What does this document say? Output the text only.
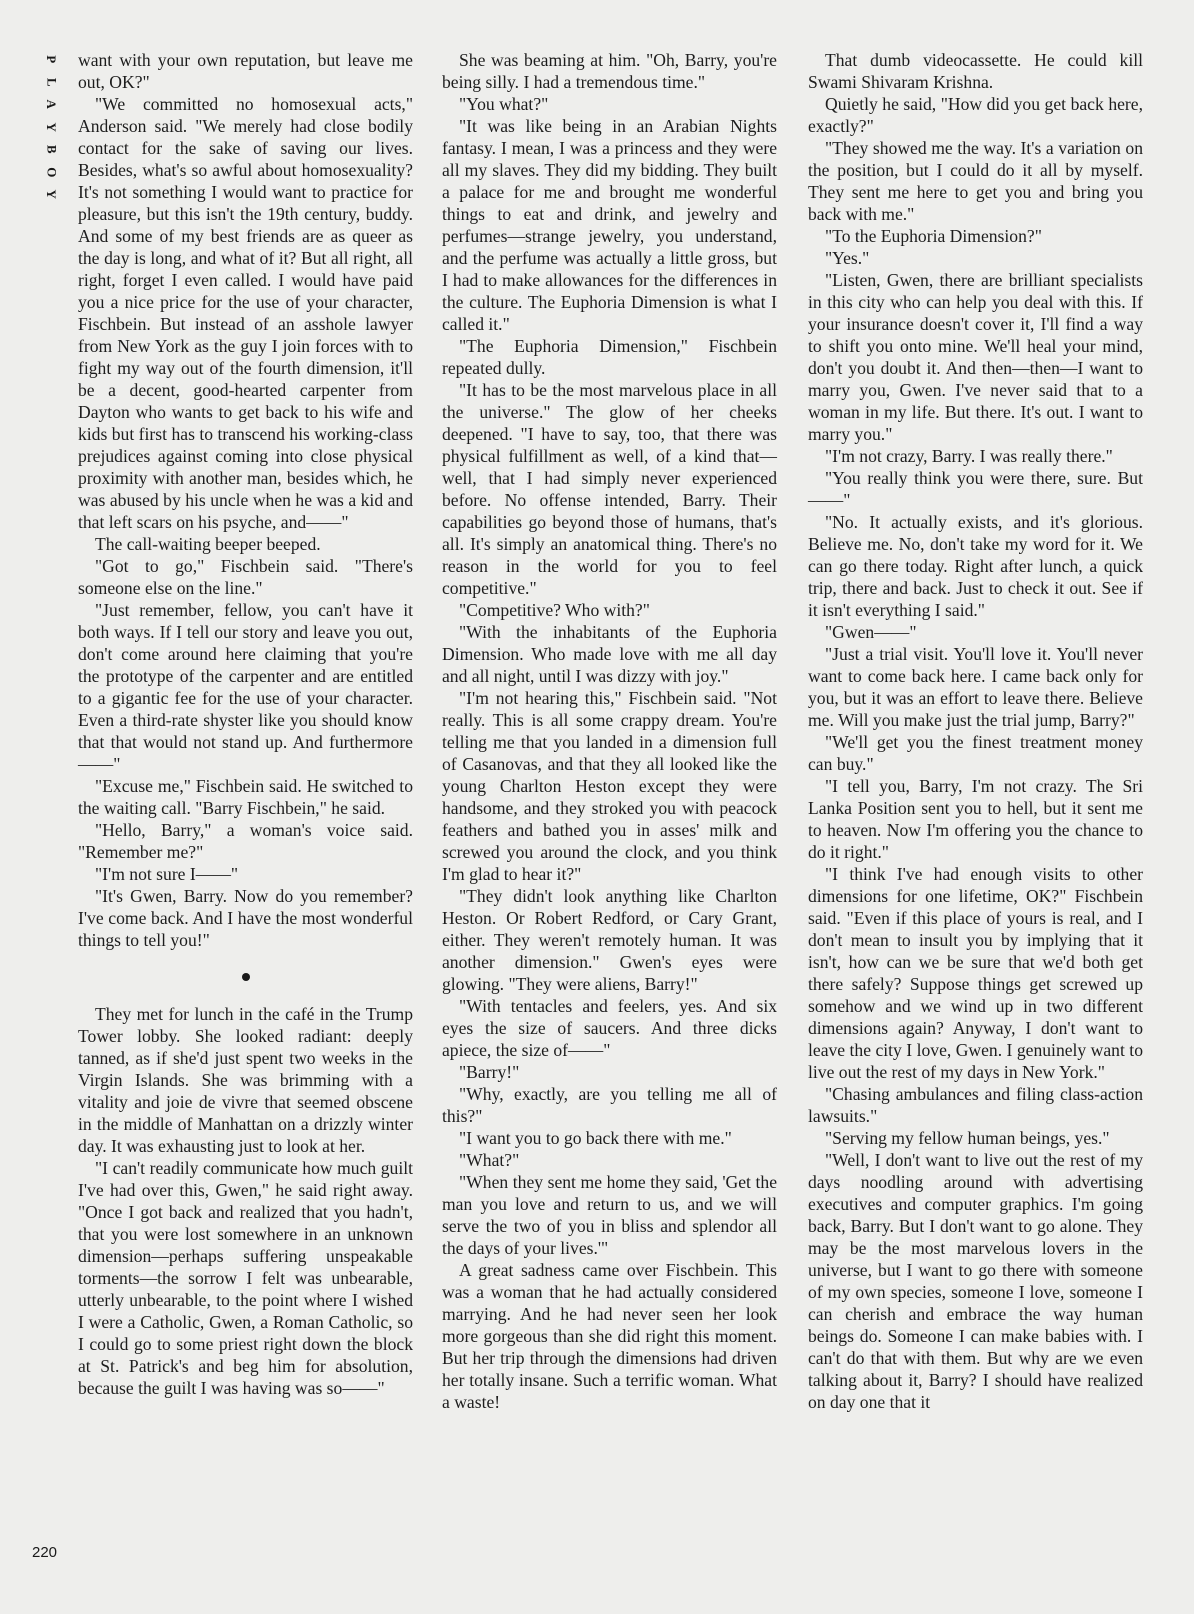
P
L
A
Y
B
O
Y
220

want with your own reputation, but leave me out, OK?"

"We committed no homosexual acts," Anderson said. "We merely had close bodily contact for the sake of saving our lives. Besides, what's so awful about homosexuality? It's not something I would want to practice for pleasure, but this isn't the 19th century, buddy. And some of my best friends are as queer as the day is long, and what of it? But all right, all right, forget I even called. I would have paid you a nice price for the use of your character, Fischbein. But instead of an asshole lawyer from New York as the guy I join forces with to fight my way out of the fourth dimension, it'll be a decent, good-hearted carpenter from Dayton who wants to get back to his wife and kids but first has to transcend his working-class prejudices against coming into close physical proximity with another man, besides which, he was abused by his uncle when he was a kid and that left scars on his psyche, and——"

The call-waiting beeper beeped.

"Got to go," Fischbein said. "There's someone else on the line."

"Just remember, fellow, you can't have it both ways. If I tell our story and leave you out, don't come around here claiming that you're the prototype of the carpenter and are entitled to a gigantic fee for the use of your character. Even a third-rate shyster like you should know that that would not stand up. And furthermore——"

"Excuse me," Fischbein said. He switched to the waiting call. "Barry Fischbein," he said.

"Hello, Barry," a woman's voice said. "Remember me?"

"I'm not sure I——"

"It's Gwen, Barry. Now do you remember? I've come back. And I have the most wonderful things to tell you!"

They met for lunch in the café in the Trump Tower lobby. She looked radiant: deeply tanned, as if she'd just spent two weeks in the Virgin Islands. She was brimming with a vitality and joie de vivre that seemed obscene in the middle of Manhattan on a drizzly winter day. It was exhausting just to look at her.

"I can't readily communicate how much guilt I've had over this, Gwen," he said right away. "Once I got back and realized that you hadn't, that you were lost somewhere in an unknown dimension—perhaps suffering unspeakable torments—the sorrow I felt was unbearable, utterly unbearable, to the point where I wished I were a Catholic, Gwen, a Roman Catholic, so I could go to some priest right down the block at St. Patrick's and beg him for absolution, because the guilt I was having was so——"

She was beaming at him. "Oh, Barry, you're being silly. I had a tremendous time."

"You what?"

"It was like being in an Arabian Nights fantasy. I mean, I was a princess and they were all my slaves. They did my bidding. They built a palace for me and brought me wonderful things to eat and drink, and jewelry and perfumes—strange jewelry, you understand, and the perfume was actually a little gross, but I had to make allowances for the differences in the culture. The Euphoria Dimension is what I called it."

"The Euphoria Dimension," Fischbein repeated dully.

"It has to be the most marvelous place in all the universe." The glow of her cheeks deepened. "I have to say, too, that there was physical fulfillment as well, of a kind that—well, that I had simply never experienced before. No offense intended, Barry. Their capabilities go beyond those of humans, that's all. It's simply an anatomical thing. There's no reason in the world for you to feel competitive."

"Competitive? Who with?"

"With the inhabitants of the Euphoria Dimension. Who made love with me all day and all night, until I was dizzy with joy."

"I'm not hearing this," Fischbein said. "Not really. This is all some crappy dream. You're telling me that you landed in a dimension full of Casanovas, and that they all looked like the young Charlton Heston except they were handsome, and they stroked you with peacock feathers and bathed you in asses' milk and screwed you around the clock, and you think I'm glad to hear it?"

"They didn't look anything like Charlton Heston. Or Robert Redford, or Cary Grant, either. They weren't remotely human. It was another dimension." Gwen's eyes were glowing. "They were aliens, Barry!"

"With tentacles and feelers, yes. And six eyes the size of saucers. And three dicks apiece, the size of——"

"Barry!"

"Why, exactly, are you telling me all of this?"

"I want you to go back there with me."

"What?"

"When they sent me home they said, 'Get the man you love and return to us, and we will serve the two of you in bliss and splendor all the days of your lives.'"

A great sadness came over Fischbein. This was a woman that he had actually considered marrying. And he had never seen her look more gorgeous than she did right this moment. But her trip through the dimensions had driven her totally insane. Such a terrific woman. What a waste!

That dumb videocassette. He could kill Swami Shivaram Krishna.

Quietly he said, "How did you get back here, exactly?"

"They showed me the way. It's a variation on the position, but I could do it all by myself. They sent me here to get you and bring you back with me."

"To the Euphoria Dimension?"

"Yes."

"Listen, Gwen, there are brilliant specialists in this city who can help you deal with this. If your insurance doesn't cover it, I'll find a way to shift you onto mine. We'll heal your mind, don't you doubt it. And then—then—I want to marry you, Gwen. I've never said that to a woman in my life. But there. It's out. I want to marry you."

"I'm not crazy, Barry. I was really there."

"You really think you were there, sure. But——"

"No. It actually exists, and it's glorious. Believe me. No, don't take my word for it. We can go there today. Right after lunch, a quick trip, there and back. Just to check it out. See if it isn't everything I said."

"Gwen——"

"Just a trial visit. You'll love it. You'll never want to come back here. I came back only for you, but it was an effort to leave there. Believe me. Will you make just the trial jump, Barry?"

"We'll get you the finest treatment money can buy."

"I tell you, Barry, I'm not crazy. The Sri Lanka Position sent you to hell, but it sent me to heaven. Now I'm offering you the chance to do it right."

"I think I've had enough visits to other dimensions for one lifetime, OK?" Fischbein said. "Even if this place of yours is real, and I don't mean to insult you by implying that it isn't, how can we be sure that we'd both get there safely? Suppose things get screwed up somehow and we wind up in two different dimensions again? Anyway, I don't want to leave the city I love, Gwen. I genuinely want to live out the rest of my days in New York."

"Chasing ambulances and filing class-action lawsuits."

"Serving my fellow human beings, yes."

"Well, I don't want to live out the rest of my days noodling around with advertising executives and computer graphics. I'm going back, Barry. But I don't want to go alone. They may be the most marvelous lovers in the universe, but I want to go there with someone of my own species, someone I love, someone I can cherish and embrace the way human beings do. Someone I can make babies with. I can't do that with them. But why are we even talking about it, Barry? I should have realized on day one that it
